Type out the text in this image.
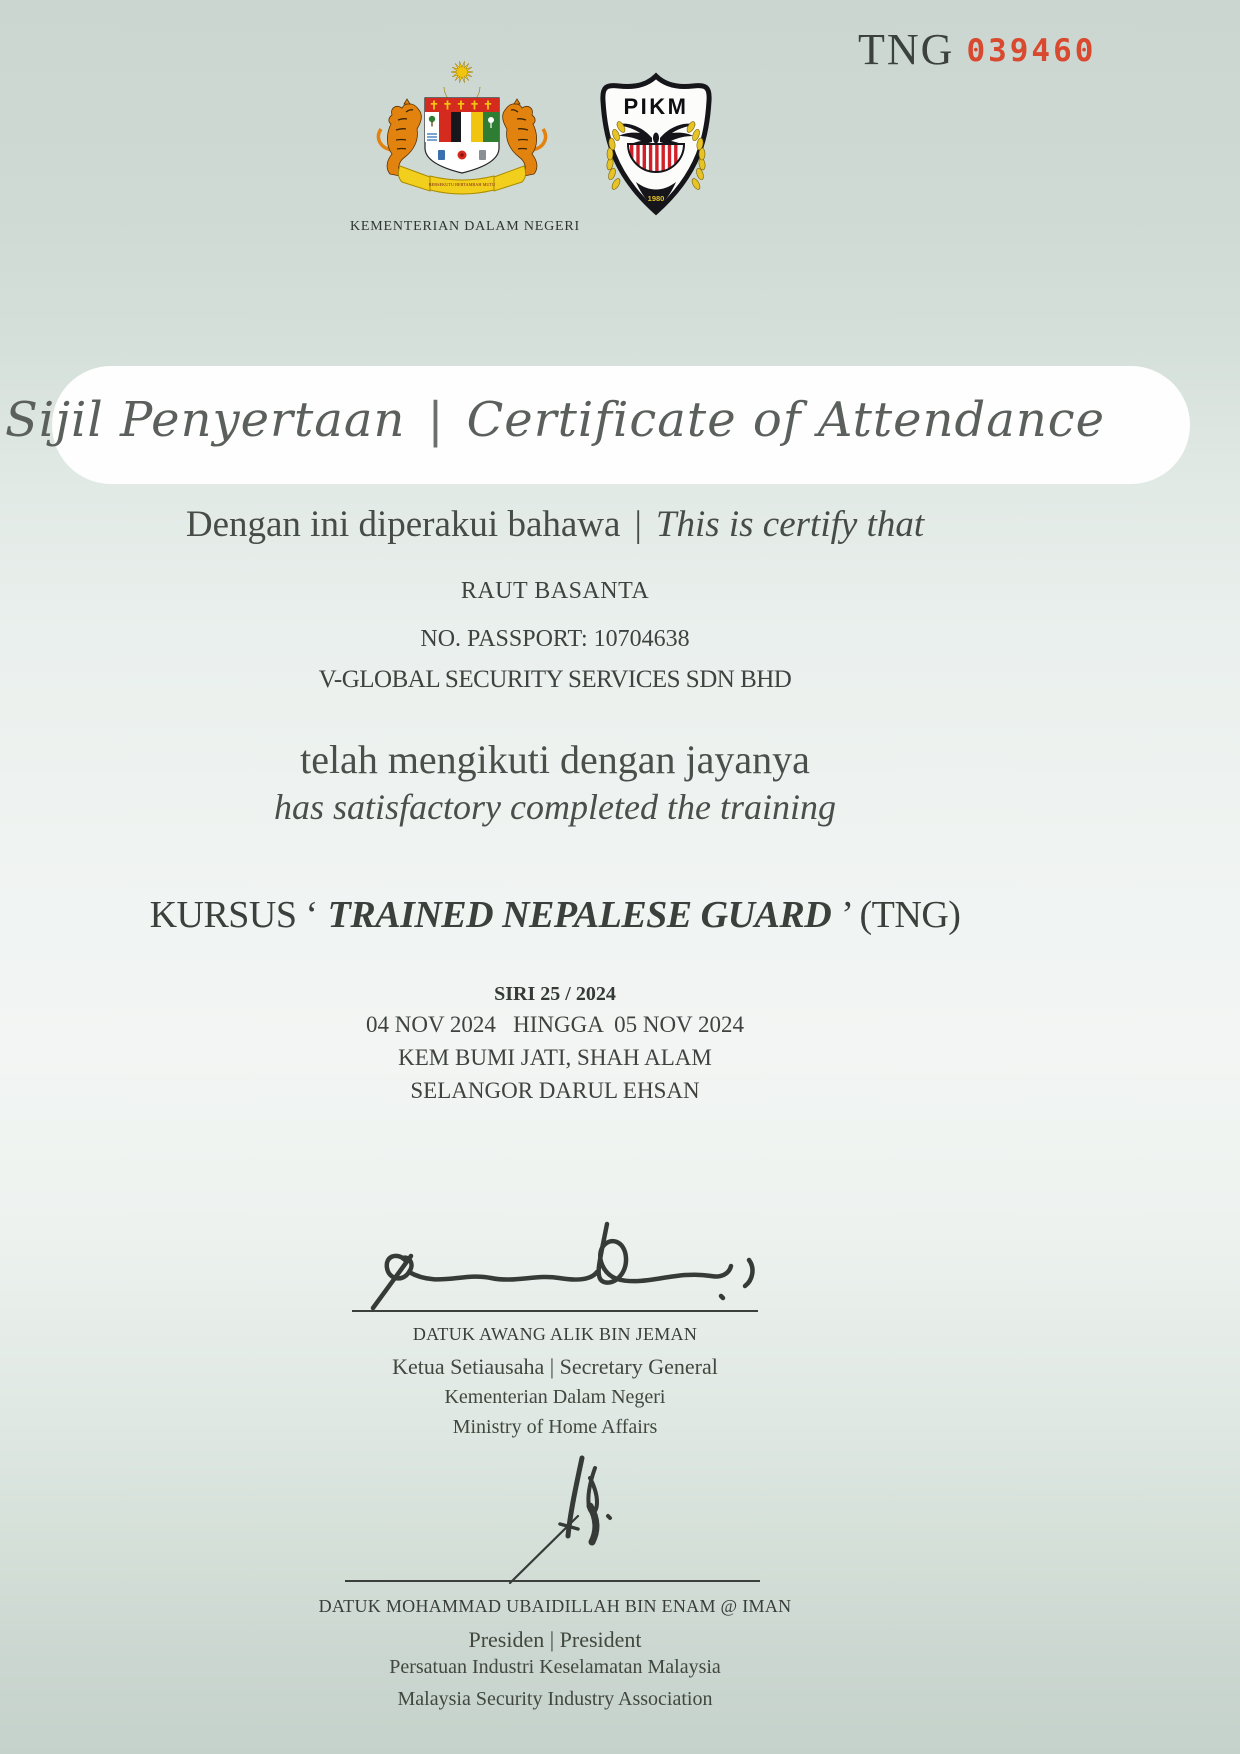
TNG 039460
BERSEKUTU BERTAMBAH MUTU
PIKM
1980
KEMENTERIAN DALAM NEGERI
Sijil Penyertaan | Certificate of Attendance
Dengan ini diperakui bahawa | This is certify that
RAUT BASANTA
NO. PASSPORT: 10704638
V-GLOBAL SECURITY SERVICES SDN BHD
telah mengikuti dengan jayanya
has satisfactory completed the training
KURSUS ‘ TRAINED NEPALESE GUARD ’ (TNG)
SIRI 25 / 2024
04 NOV 2024   HINGGA  05 NOV 2024
KEM BUMI JATI, SHAH ALAM
SELANGOR DARUL EHSAN
DATUK AWANG ALIK BIN JEMAN
Ketua Setiausaha | Secretary General
Kementerian Dalam Negeri
Ministry of Home Affairs
DATUK MOHAMMAD UBAIDILLAH BIN ENAM @ IMAN
Presiden | President
Persatuan Industri Keselamatan Malaysia
Malaysia Security Industry Association
